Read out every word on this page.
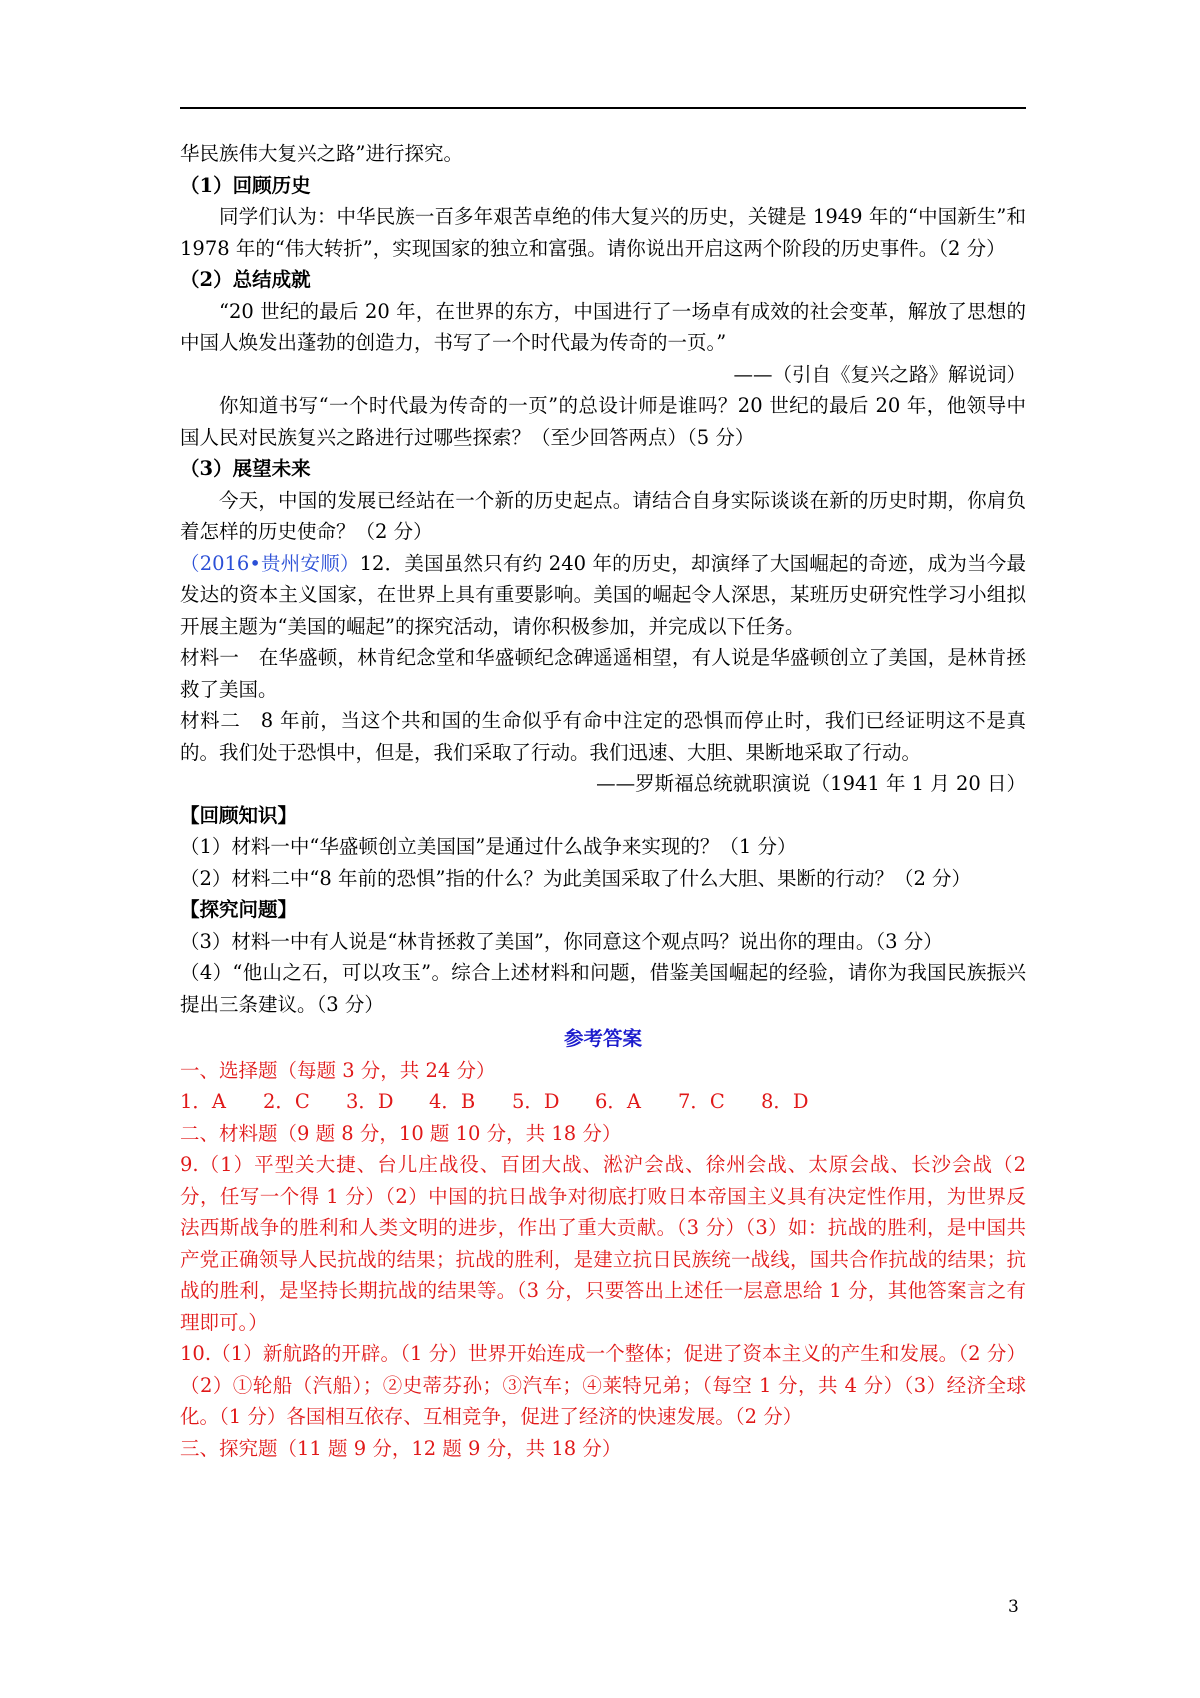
华民族伟大复兴之路”进行探究。

（1）回顾历史

同学们认为：中华民族一百多年艰苦卓绝的伟大复兴的历史，关键是 1949 年的“中国新生”和 1978 年的“伟大转折”，实现国家的独立和富强。请你说出开启这两个阶段的历史事件。（2 分）

（2）总结成就

“20 世纪的最后 20 年，在世界的东方，中国进行了一场卓有成效的社会变革，解放了思想的中国人焕发出蓬勃的创造力，书写了一个时代最为传奇的一页。”

——（引自《复兴之路》解说词）

你知道书写“一个时代最为传奇的一页”的总设计师是谁吗？20 世纪的最后 20 年，他领导中国人民对民族复兴之路进行过哪些探索？（至少回答两点）（5 分）

（3）展望未来

今天，中国的发展已经站在一个新的历史起点。请结合自身实际谈谈在新的历史时期，你肩负着怎样的历史使命？（2 分）

（2016•贵州安顺）12．美国虽然只有约 240 年的历史，却演绎了大国崛起的奇迹，成为当今最发达的资本主义国家，在世界上具有重要影响。美国的崛起令人深思，某班历史研究性学习小组拟开展主题为“美国的崛起”的探究活动，请你积极参加，并完成以下任务。

材料一　在华盛顿，林肯纪念堂和华盛顿纪念碑遥遥相望，有人说是华盛顿创立了美国，是林肯拯救了美国。

材料二　8 年前，当这个共和国的生命似乎有命中注定的恐惧而停止时，我们已经证明这不是真的。我们处于恐惧中，但是，我们采取了行动。我们迅速、大胆、果断地采取了行动。

——罗斯福总统就职演说（1941 年 1 月 20 日）

【回顾知识】

（1）材料一中“华盛顿创立美国国”是通过什么战争来实现的？（1 分）

（2）材料二中“8 年前的恐惧”指的什么？为此美国采取了什么大胆、果断的行动？（2 分）

【探究问题】

（3）材料一中有人说是“林肯拯救了美国”，你同意这个观点吗？说出你的理由。（3 分）

（4）“他山之石，可以攻玉”。综合上述材料和问题，借鉴美国崛起的经验，请你为我国民族振兴提出三条建议。（3 分）

参考答案

一、选择题（每题 3 分，共 24 分）

1．A	2．C	3．D	4．B	5．D	6．A	7．C	8．D

二、材料题（9 题 8 分，10 题 10 分，共 18 分）

9.（1）平型关大捷、台儿庄战役、百团大战、淞沪会战、徐州会战、太原会战、长沙会战（2 分，任写一个得 1 分）（2）中国的抗日战争对彻底打败日本帝国主义具有决定性作用，为世界反法西斯战争的胜利和人类文明的进步，作出了重大贡献。（3 分）（3）如：抗战的胜利，是中国共产党正确领导人民抗战的结果；抗战的胜利，是建立抗日民族统一战线，国共合作抗战的结果；抗战的胜利，是坚持长期抗战的结果等。（3 分，只要答出上述任一层意思给 1 分，其他答案言之有理即可。）

10.（1）新航路的开辟。（1 分）世界开始连成一个整体；促进了资本主义的产生和发展。（2 分）（2）①轮船（汽船）；②史蒂芬孙；③汽车；④莱特兄弟；（每空 1 分，共 4 分）（3）经济全球化。（1 分）各国相互依存、互相竞争，促进了经济的快速发展。（2 分）

三、探究题（11 题 9 分，12 题 9 分，共 18 分）

3
